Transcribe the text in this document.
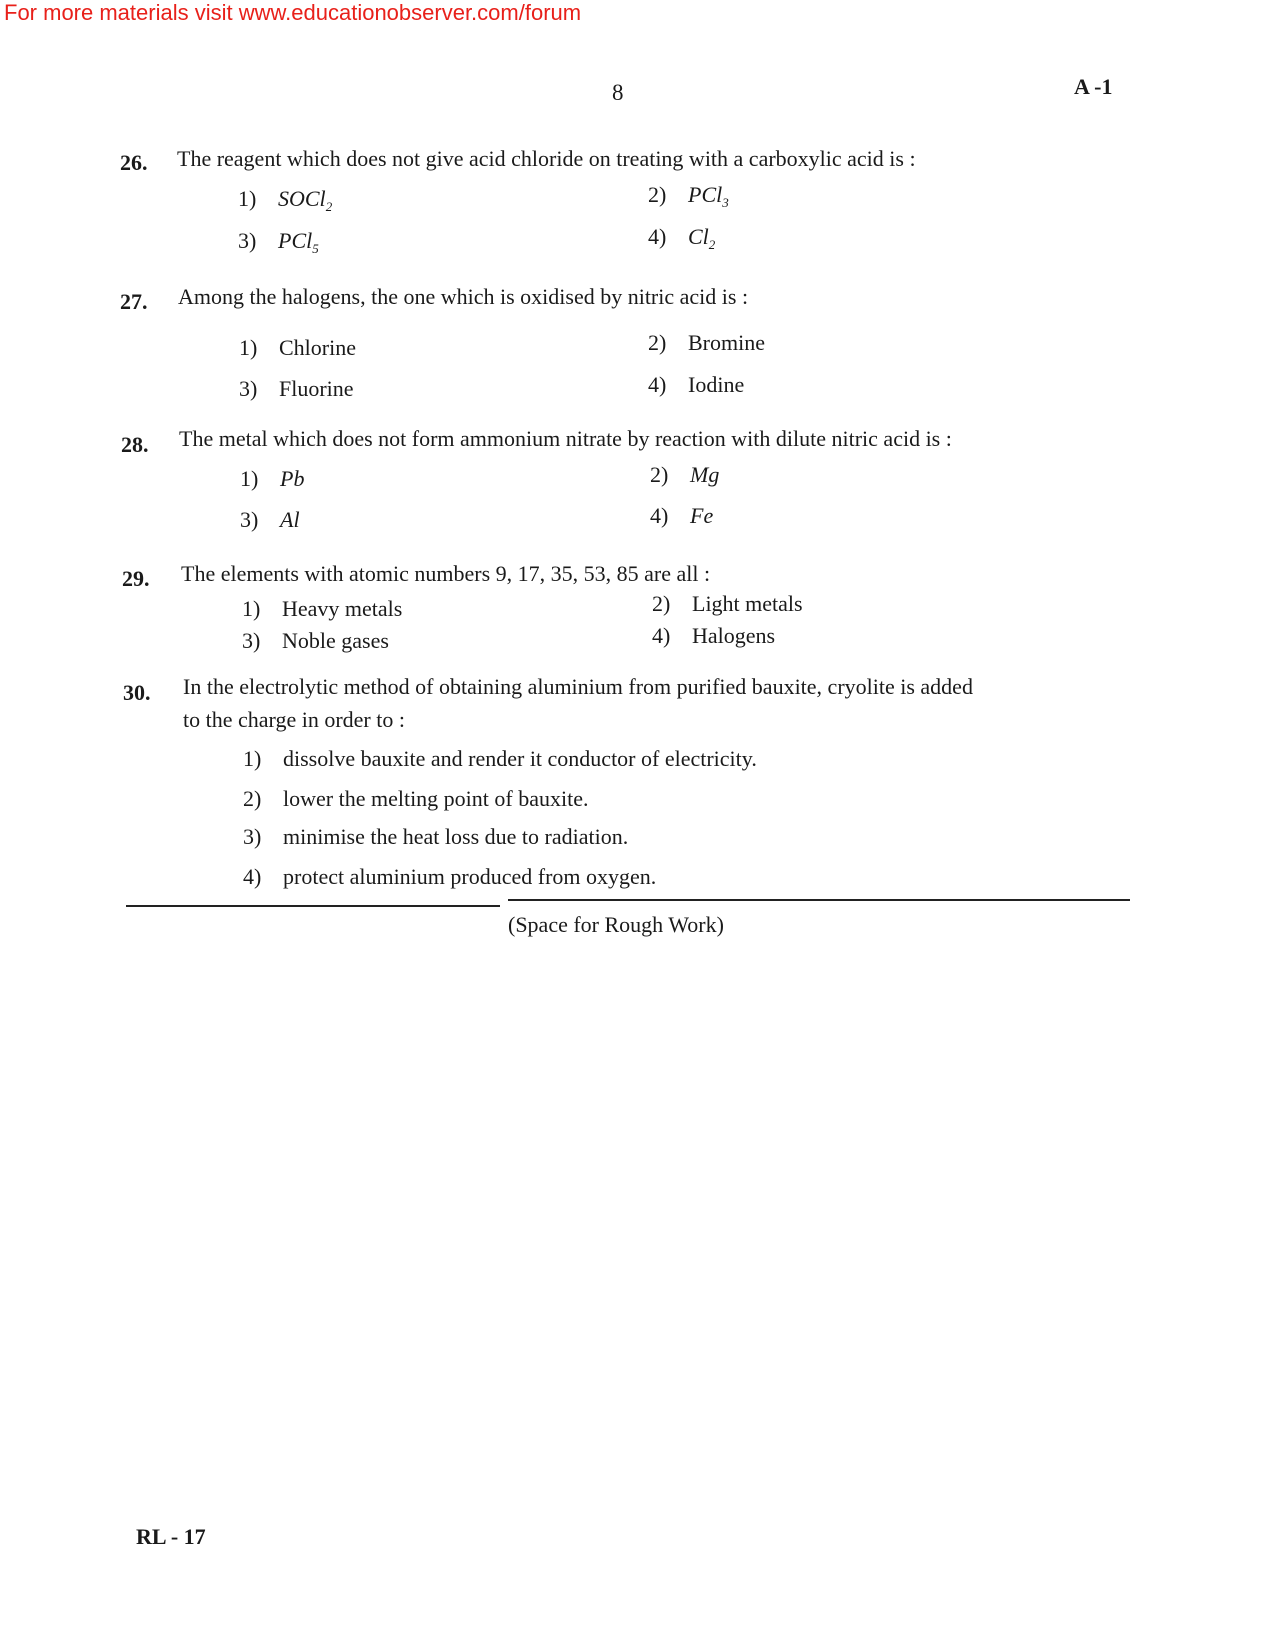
For more materials visit www.educationobserver.com/forum
8	A -1
26. The reagent which does not give acid chloride on treating with a carboxylic acid is :
1) SOCl$_2$	2) PCl$_3$
3) PCl$_5$	4) $Cl_2$
27. Among the halogens, the one which is oxidised by nitric acid is :
1) Chlorine	2) Bromine
3) Fluorine	4) Iodine
28. The metal which does not form ammonium nitrate by reaction with dilute nitric acid is :
1) Pb	2) Mg
3) Al	4) Fe
29. The elements with atomic numbers 9, 17, 35, 53, 85 are all :
1) Heavy metals	2) Light metals
3) Noble gases	4) Halogens
30. In the electrolytic method of obtaining aluminium from purified bauxite, cryolite is added
to the charge in order to :
1) dissolve bauxite and render it conductor of electricity.
2) lower the melting point of bauxite.
3) minimise the heat loss due to radiation.
4) protect aluminium produced from oxygen.
(Space for Rough Work)
RL - 17
